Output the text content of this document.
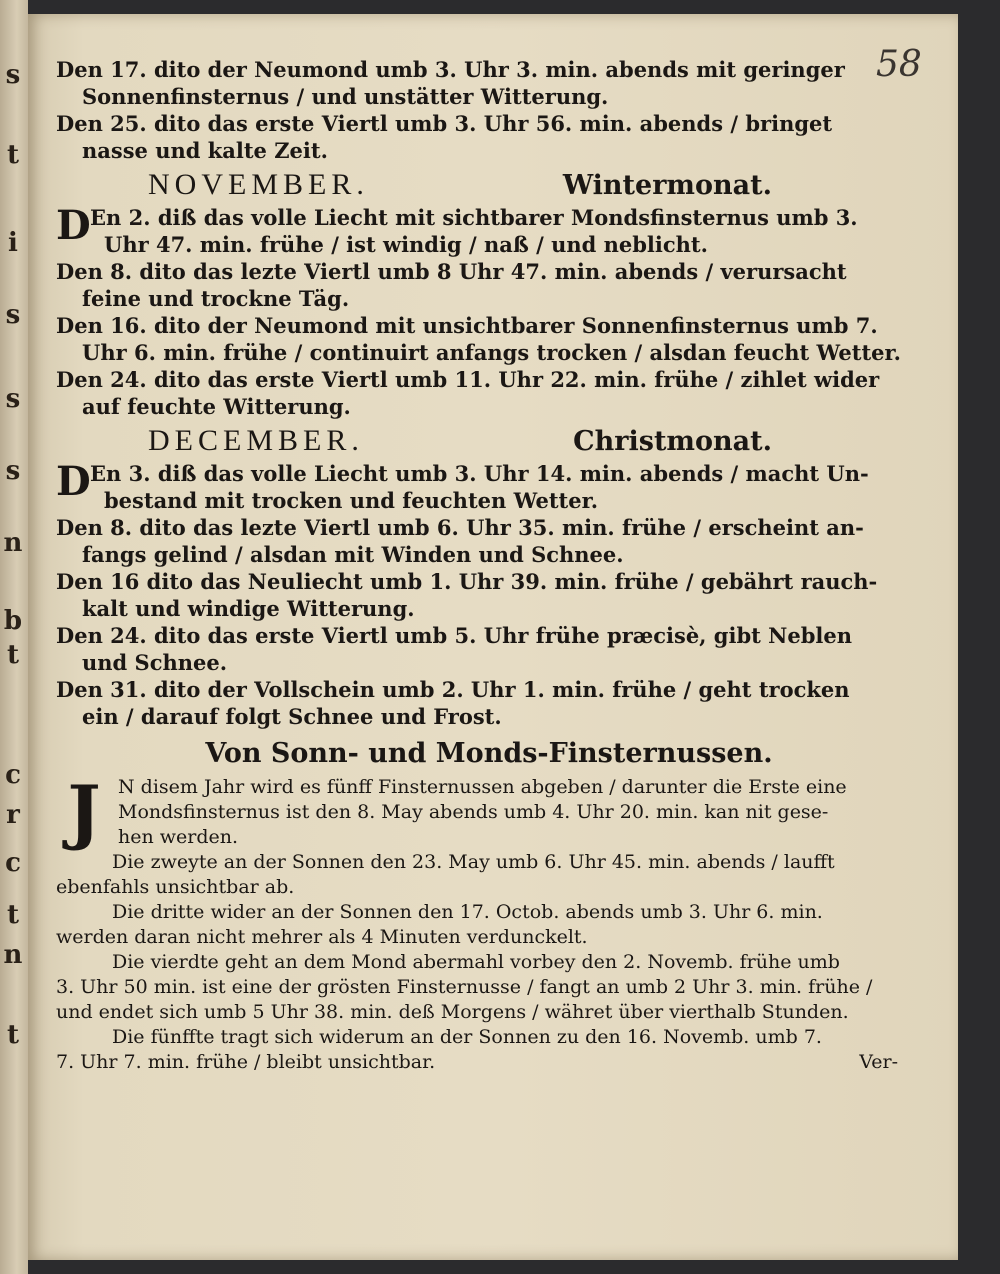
s
t
i
s
s
s
n
b
t
c
r
c
t
n
t
58

Den 17. dito der Neumond umb 3. Uhr 3. min. abends mit geringer
Sonnenfinsternus / und unstätter Witterung.

Den 25. dito das erste Viertl umb 3. Uhr 56. min. abends / bringet
nasse und kalte Zeit.

NOVEMBER.	Wintermonat.
D En 2. diß das volle Liecht mit sichtbarer Mondsfinsternus umb 3.
Uhr 47. min. frühe / ist windig / naß / und neblicht.

Den 8. dito das lezte Viertl umb 8 Uhr 47. min. abends / verursacht
feine und trockne Täg.

Den 16. dito der Neumond mit unsichtbarer Sonnenfinsternus umb 7.
Uhr 6. min. frühe / continuirt anfangs trocken / alsdan feucht Wetter.

Den 24. dito das erste Viertl umb 11. Uhr 22. min. frühe / zihlet wider
auf feuchte Witterung.

DECEMBER.	Christmonat.
D En 3. diß das volle Liecht umb 3. Uhr 14. min. abends / macht Un-
bestand mit trocken und feuchten Wetter.

Den 8. dito das lezte Viertl umb 6. Uhr 35. min. frühe / erscheint an-
fangs gelind / alsdan mit Winden und Schnee.

Den 16 dito das Neuliecht umb 1. Uhr 39. min. frühe / gebährt rauch-
kalt und windige Witterung.

Den 24. dito das erste Viertl umb 5. Uhr frühe præcisè, gibt Neblen
und Schnee.

Den 31. dito der Vollschein umb 2. Uhr 1. min. frühe / geht trocken
ein / darauf folgt Schnee und Frost.

Von Sonn- und Monds-Finsternussen.
J N disem Jahr wird es fünff Finsternussen abgeben / darunter die Erste eine

Mondsfinsternus ist den 8. May abends umb 4. Uhr 20. min. kan nit gese-

hen werden.

Die zweyte an der Sonnen den 23. May umb 6. Uhr 45. min. abends / laufft

ebenfahls unsichtbar ab.

Die dritte wider an der Sonnen den 17. Octob. abends umb 3. Uhr 6. min.

werden daran nicht mehrer als 4 Minuten verdunckelt.

Die vierdte geht an dem Mond abermahl vorbey den 2. Novemb. frühe umb

3. Uhr 50 min. ist eine der grösten Finsternusse / fangt an umb 2 Uhr 3. min. frühe /

und endet sich umb 5 Uhr 38. min. deß Morgens / währet über vierthalb Stunden.

Die fünffte tragt sich widerum an der Sonnen zu den 16. Novemb. umb 7.

7. Uhr 7. min. frühe / bleibt unsichtbar.	Ver-
